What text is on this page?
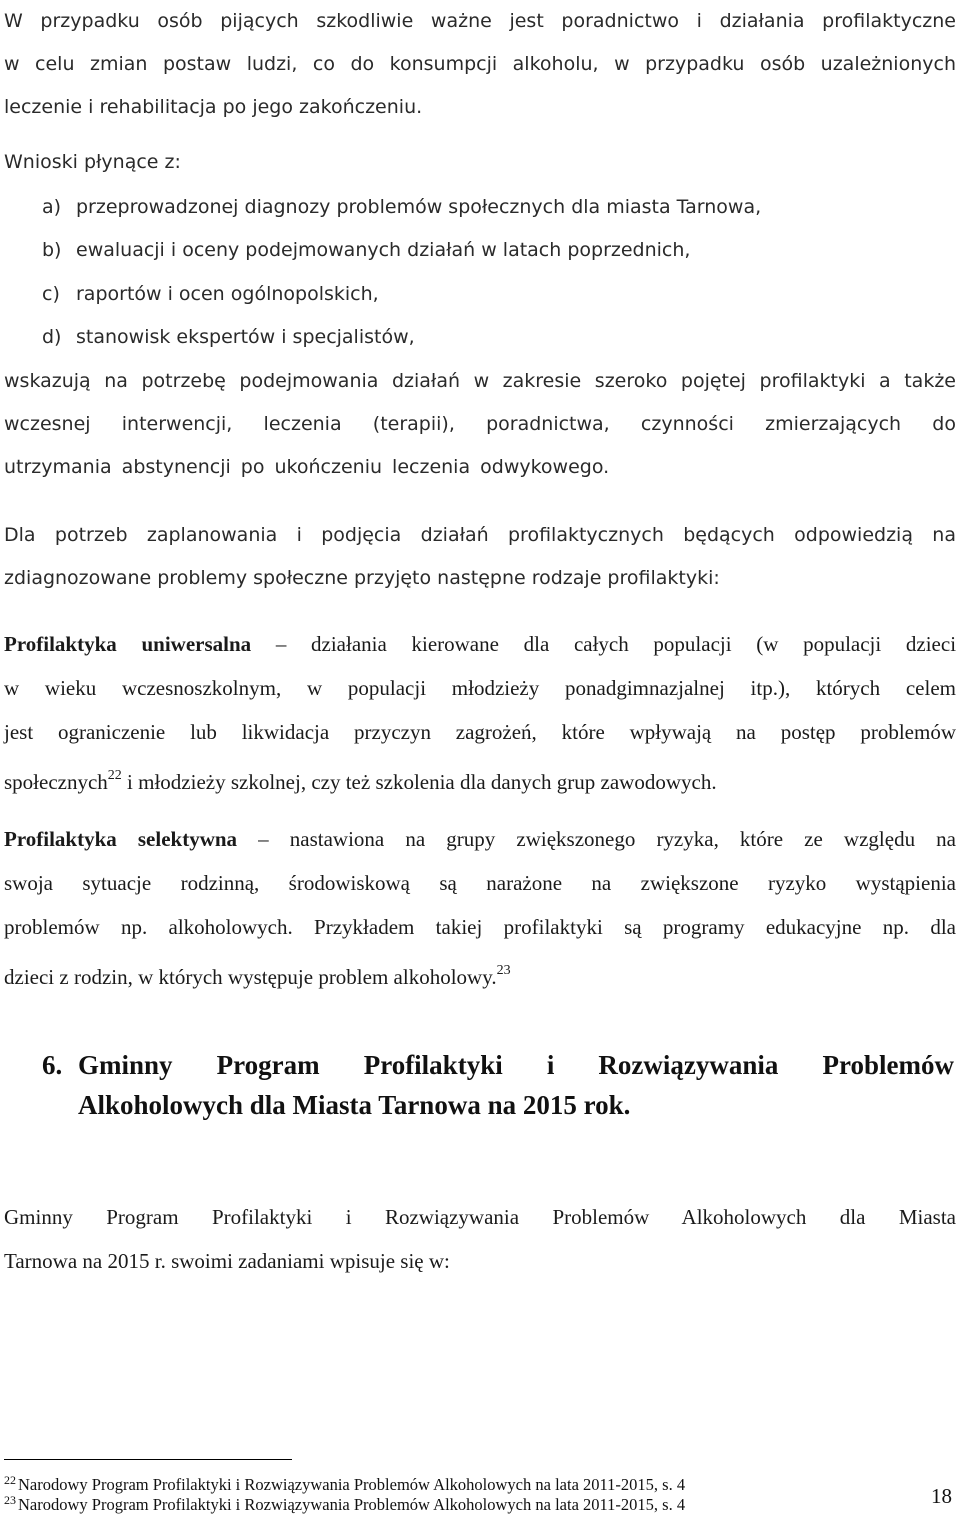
W przypadku osób pijących szkodliwie ważne jest poradnictwo i działania profilaktyczne
w celu zmian postaw ludzi, co do konsumpcji alkoholu, w przypadku osób uzależnionych
leczenie i rehabilitacja po jego zakończeniu.
Wnioski płynące z:
a) przeprowadzonej diagnozy problemów społecznych dla miasta Tarnowa,
b) ewaluacji i oceny podejmowanych działań w latach poprzednich,
c) raportów i ocen ogólnopolskich,
d) stanowisk ekspertów i specjalistów,
wskazują na potrzebę podejmowania działań w zakresie szeroko pojętej profilaktyki a także
wczesnej interwencji, leczenia (terapii), poradnictwa, czynności zmierzających do
utrzymania abstynencji po ukończeniu leczenia odwykowego.
Dla potrzeb zaplanowania i podjęcia działań profilaktycznych będących odpowiedzią na
zdiagnozowane problemy społeczne przyjęto następne rodzaje profilaktyki:
Profilaktyka uniwersalna – działania kierowane dla całych populacji (w populacji dzieci
w wieku wczesnoszkolnym, w populacji młodzieży ponadgimnazjalnej itp.), których celem
jest ograniczenie lub likwidacja przyczyn zagrożeń, które wpływają na postęp problemów
społecznych$^{22}$ i młodzieży szkolnej, czy też szkolenia dla danych grup zawodowych.
Profilaktyka selektywna – nastawiona na grupy zwiększonego ryzyka, które ze względu na
swoja sytuacje rodzinną, środowiskową są narażone na zwiększone ryzyko wystąpienia
problemów np. alkoholowych. Przykładem takiej profilaktyki są programy edukacyjne np. dla
dzieci z rodzin, w których występuje problem alkoholowy.$^{23}$
6. Gminny Program Profilaktyki i Rozwiązywania Problemów
Alkoholowych dla Miasta Tarnowa na 2015 rok.
Gminny Program Profilaktyki i Rozwiązywania Problemów Alkoholowych dla Miasta
Tarnowa na 2015 r. swoimi zadaniami wpisuje się w:
$^{22}$ Narodowy Program Profilaktyki i Rozwiązywania Problemów Alkoholowych na lata 2011-2015, s. 4
$^{23}$ Narodowy Program Profilaktyki i Rozwiązywania Problemów Alkoholowych na lata 2011-2015, s. 4	18
